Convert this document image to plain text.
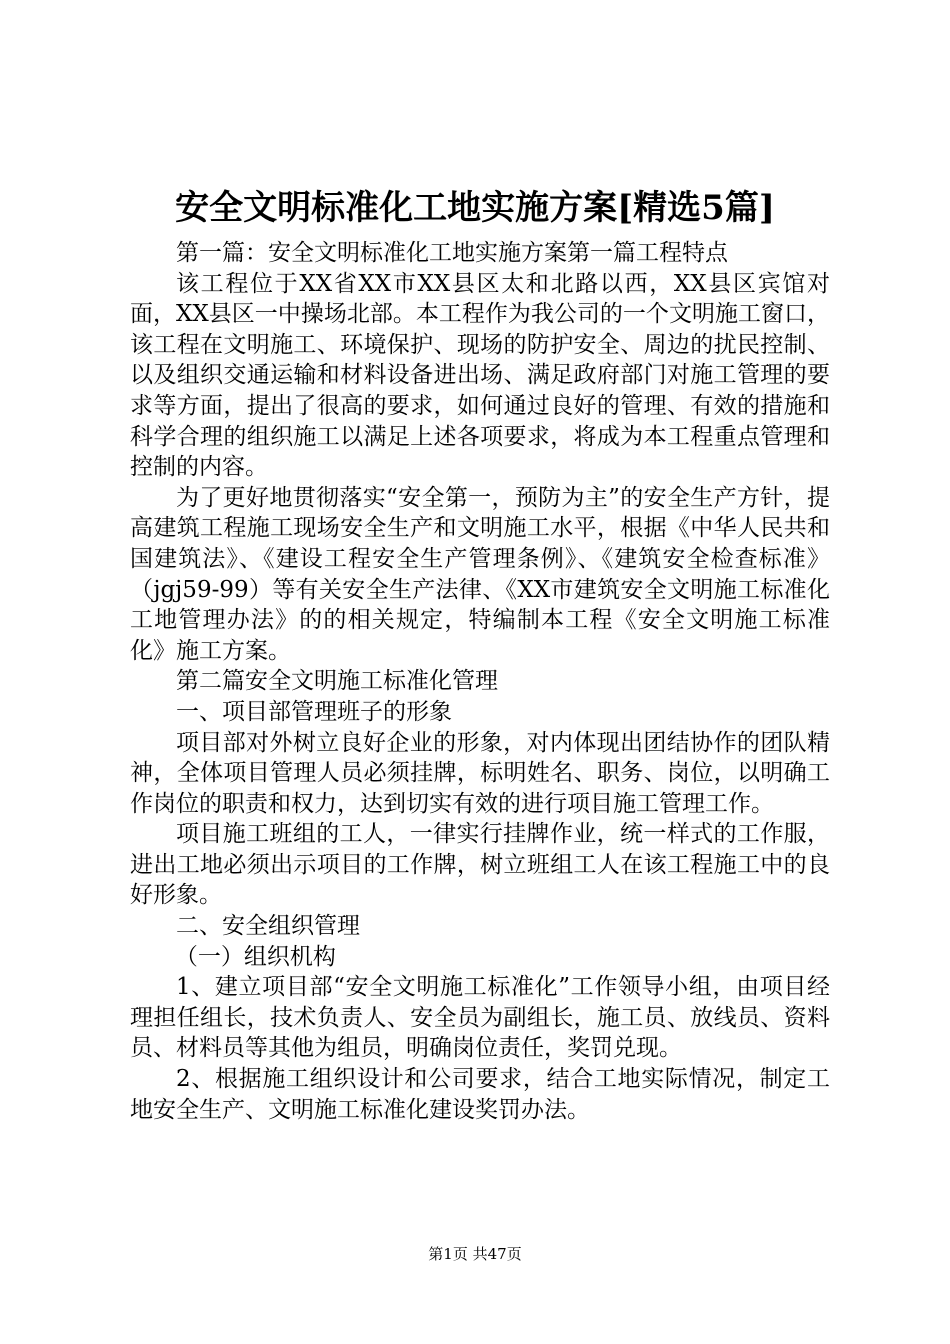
安全文明标准化工地实施方案[精选5篇]

第一篇：安全文明标准化工地实施方案第一篇工程特点

该工程位于XX省XX市XX县区太和北路以西，XX县区宾馆对面，XX县区一中操场北部。本工程作为我公司的一个文明施工窗口，该工程在文明施工、环境保护、现场的防护安全、周边的扰民控制、以及组织交通运输和材料设备进出场、满足政府部门对施工管理的要求等方面，提出了很高的要求，如何通过良好的管理、有效的措施和科学合理的组织施工以满足上述各项要求，将成为本工程重点管理和控制的内容。

为了更好地贯彻落实“安全第一，预防为主”的安全生产方针，提高建筑工程施工现场安全生产和文明施工水平，根据《中华人民共和国建筑法》、《建设工程安全生产管理条例》、《建筑安全检查标准》（jgj59-99）等有关安全生产法律、《XX市建筑安全文明施工标准化工地管理办法》的的相关规定，特编制本工程《安全文明施工标准化》施工方案。

第二篇安全文明施工标准化管理

一、项目部管理班子的形象

项目部对外树立良好企业的形象，对内体现出团结协作的团队精神，全体项目管理人员必须挂牌，标明姓名、职务、岗位，以明确工作岗位的职责和权力，达到切实有效的进行项目施工管理工作。

项目施工班组的工人，一律实行挂牌作业，统一样式的工作服，进出工地必须出示项目的工作牌，树立班组工人在该工程施工中的良好形象。

二、安全组织管理

（一）组织机构

1、建立项目部“安全文明施工标准化”工作领导小组，由项目经理担任组长，技术负责人、安全员为副组长，施工员、放线员、资料员、材料员等其他为组员，明确岗位责任，奖罚兑现。

2、根据施工组织设计和公司要求，结合工地实际情况，制定工地安全生产、文明施工标准化建设奖罚办法。

第1页 共47页
